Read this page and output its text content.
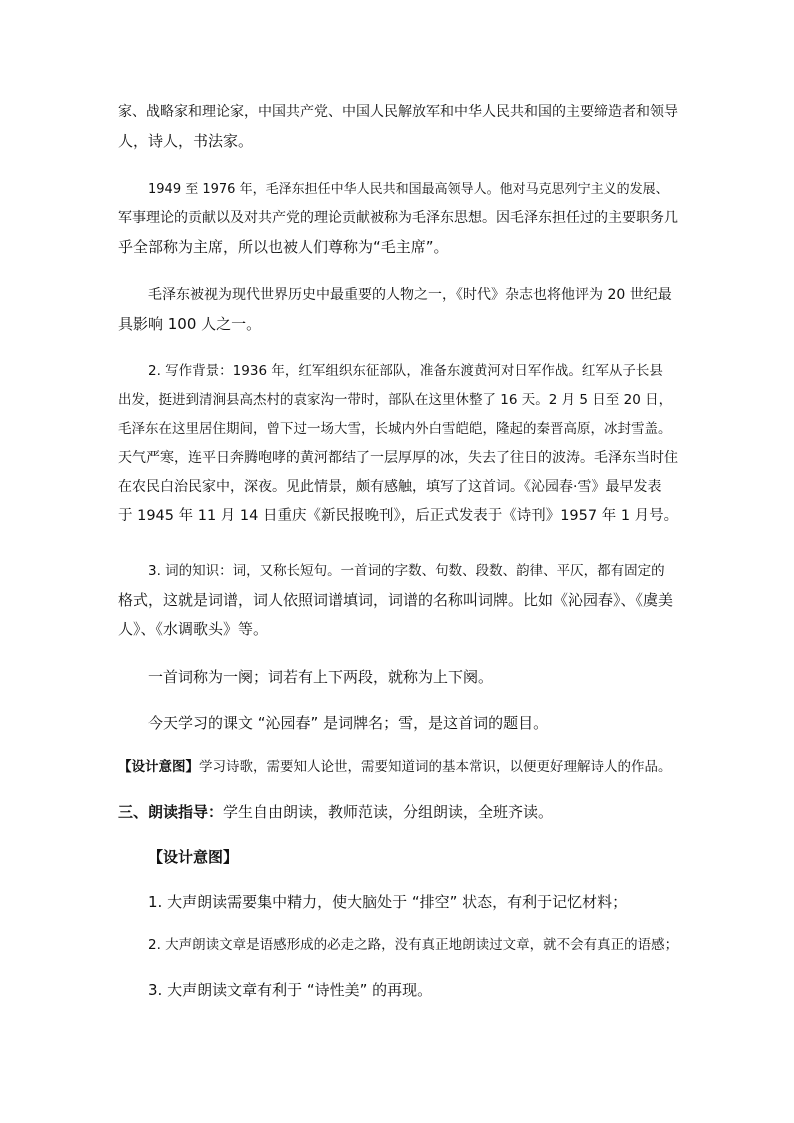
家、战略家和理论家，中国共产党、中国人民解放军和中华人民共和国的主要缔造者和领导
人，诗人，书法家。

1949 至 1976 年，毛泽东担任中华人民共和国最高领导人。他对马克思列宁主义的发展、
军事理论的贡献以及对共产党的理论贡献被称为毛泽东思想。因毛泽东担任过的主要职务几
乎全部称为主席，所以也被人们尊称为“毛主席”。

毛泽东被视为现代世界历史中最重要的人物之一，《时代》杂志也将他评为 20 世纪最
具影响 100 人之一。

2. 写作背景：1936 年，红军组织东征部队，准备东渡黄河对日军作战。红军从子长县
出发，挺进到清涧县高杰村的袁家沟一带时，部队在这里休整了 16 天。2 月 5 日至 20 日，
毛泽东在这里居住期间，曾下过一场大雪，长城内外白雪皑皑，隆起的秦晋高原，冰封雪盖。
天气严寒，连平日奔腾咆哮的黄河都结了一层厚厚的冰，失去了往日的波涛。毛泽东当时住
在农民白治民家中，深夜。见此情景，颇有感触，填写了这首词。《沁园春·雪》最早发表
于 1945 年 11 月 14 日重庆《新民报晚刊》，后正式发表于《诗刊》1957 年 1 月号。

3. 词的知识：词，又称长短句。一首词的字数、句数、段数、韵律、平仄，都有固定的
格式，这就是词谱，词人依照词谱填词，词谱的名称叫词牌。比如《沁园春》、《虞美
人》、《水调歌头》等。

一首词称为一阕；词若有上下两段，就称为上下阕。

今天学习的课文 “沁园春” 是词牌名；雪，是这首词的题目。

【设计意图】学习诗歌，需要知人论世，需要知道词的基本常识，以便更好理解诗人的作品。

三、朗读指导：学生自由朗读，教师范读，分组朗读，全班齐读。

【设计意图】

1. 大声朗读需要集中精力，使大脑处于 “排空” 状态，有利于记忆材料；

2. 大声朗读文章是语感形成的必走之路，没有真正地朗读过文章，就不会有真正的语感；

3. 大声朗读文章有利于 “诗性美” 的再现。
